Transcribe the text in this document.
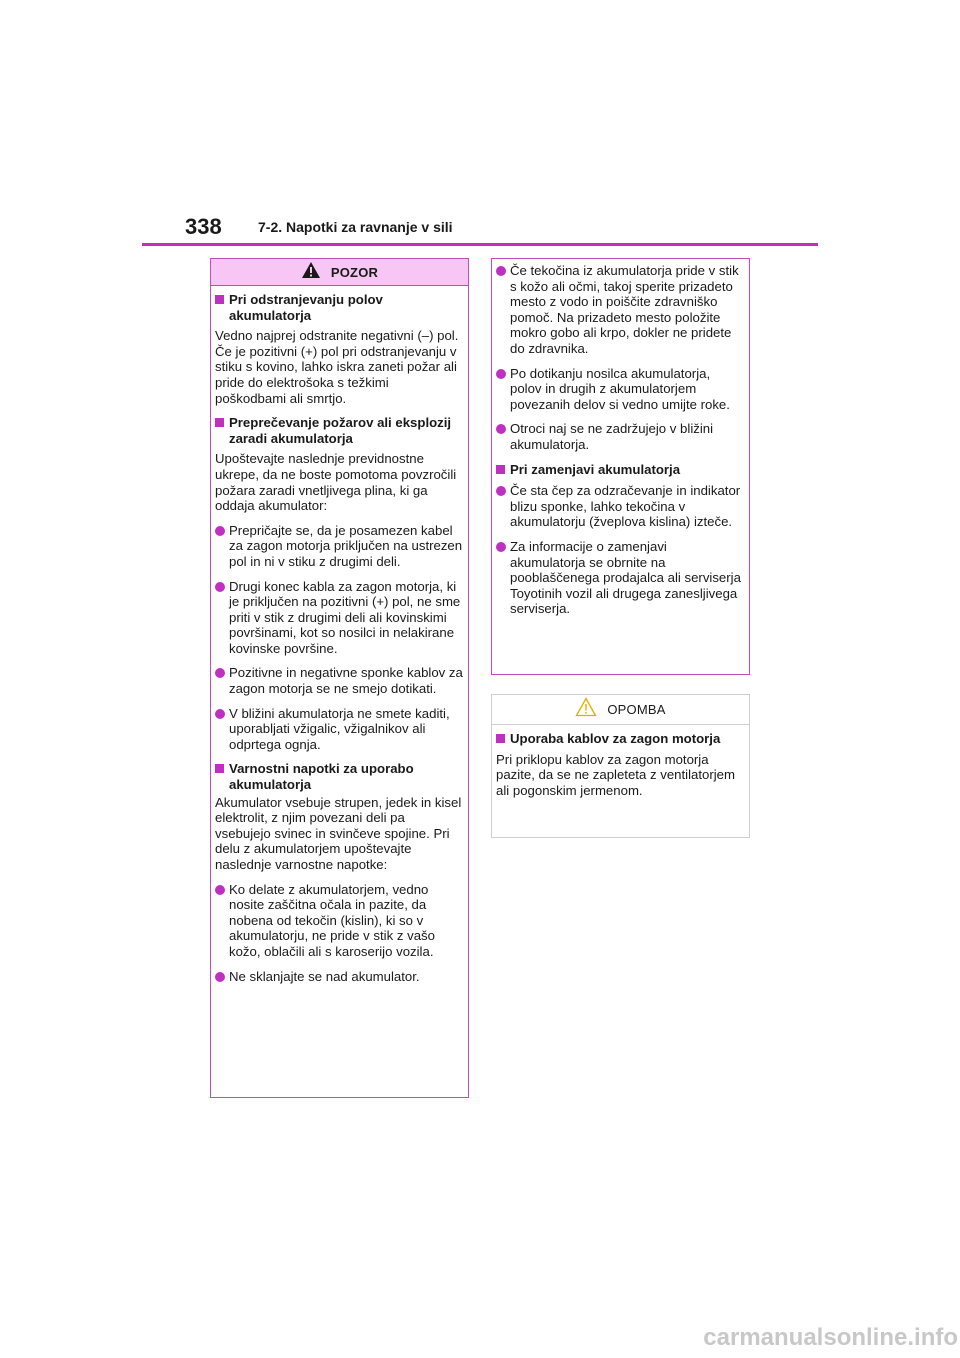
338	7-2. Napotki za ravnanje v sili
POZOR
Pri odstranjevanju polov akumulatorja
Vedno najprej odstranite negativni (–) pol. Če je pozitivni (+) pol pri odstranjevanju v stiku s kovino, lahko iskra zaneti požar ali pride do elektrošoka s težkimi poškodbami ali smrtjo.
Preprečevanje požarov ali eksplozij zaradi akumulatorja
Upoštevajte naslednje previdnostne ukrepe, da ne boste pomotoma povzročili požara zaradi vnetljivega plina, ki ga oddaja akumulator:
Prepričajte se, da je posamezen kabel za zagon motorja priključen na ustrezen pol in ni v stiku z drugimi deli.
Drugi konec kabla za zagon motorja, ki je priključen na pozitivni (+) pol, ne sme priti v stik z drugimi deli ali kovinskimi površinami, kot so nosilci in nelakirane kovinske površine.
Pozitivne in negativne sponke kablov za zagon motorja se ne smejo dotikati.
V bližini akumulatorja ne smete kaditi, uporabljati vžigalic, vžigalnikov ali odprtega ognja.
Varnostni napotki za uporabo akumulatorja
Akumulator vsebuje strupen, jedek in kisel elektrolit, z njim povezani deli pa vsebujejo svinec in svinčeve spojine. Pri delu z akumulatorjem upoštevajte naslednje varnostne napotke:
Ko delate z akumulatorjem, vedno nosite zaščitna očala in pazite, da nobena od tekočin (kislin), ki so v akumulatorju, ne pride v stik z vašo kožo, oblačili ali s karoserijo vozila.
Ne sklanjajte se nad akumulator.
Če tekočina iz akumulatorja pride v stik s kožo ali očmi, takoj sperite prizadeto mesto z vodo in poiščite zdravniško pomoč. Na prizadeto mesto položite mokro gobo ali krpo, dokler ne pridete do zdravnika.
Po dotikanju nosilca akumulatorja, polov in drugih z akumulatorjem povezanih delov si vedno umijte roke.
Otroci naj se ne zadržujejo v bližini akumulatorja.
Pri zamenjavi akumulatorja
Če sta čep za odzračevanje in indikator blizu sponke, lahko tekočina v akumulatorju (žveplova kislina) izteče.
Za informacije o zamenjavi akumulatorja se obrnite na pooblaščenega prodajalca ali serviserja Toyotinih vozil ali drugega zanesljivega serviserja.
OPOMBA
Uporaba kablov za zagon motorja
Pri priklopu kablov za zagon motorja pazite, da se ne zapleteta z ventilatorjem ali pogonskim jermenom.
carmanualsonline.info
